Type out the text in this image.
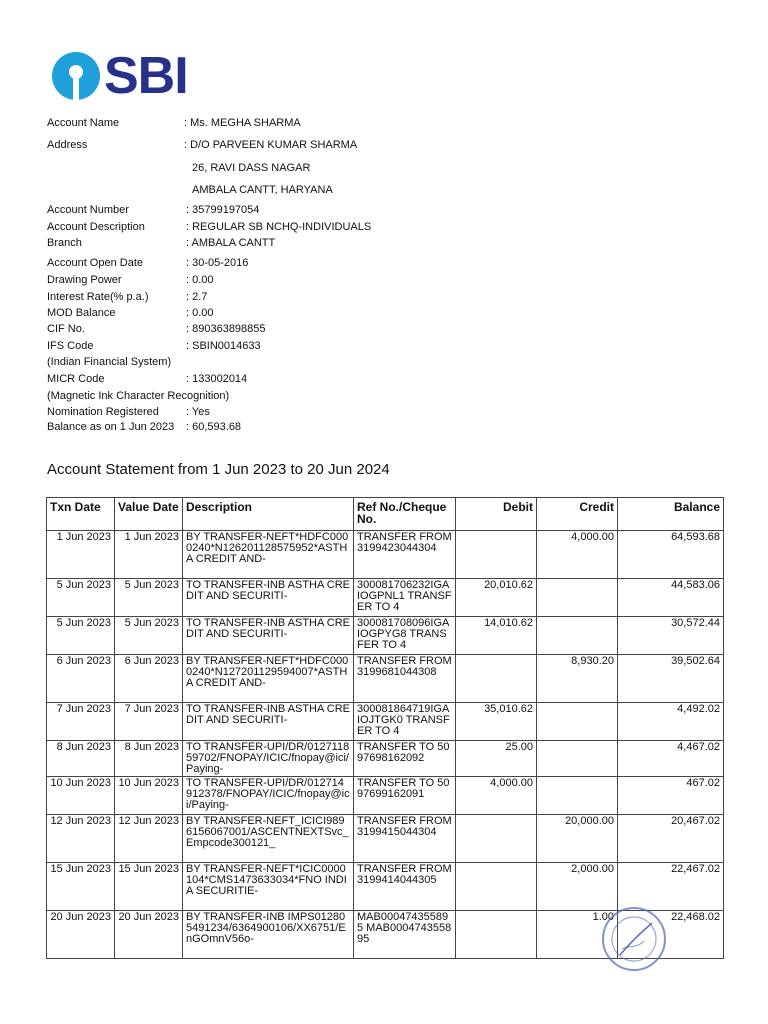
SBI
Account Name	: Ms. MEGHA SHARMA
Address	: D/O PARVEEN KUMAR SHARMA
26, RAVI DASS NAGAR
AMBALA CANTT, HARYANA
Account Number	: 35799197054
Account Description	: REGULAR SB NCHQ-INDIVIDUALS
Branch	: AMBALA CANTT
Account Open Date	: 30-05-2016
Drawing Power	: 0.00
Interest Rate(% p.a.)	: 2.7
MOD Balance	: 0.00
CIF No.	: 890363898855
IFS Code	: SBIN0014633
(Indian Financial System)
MICR Code	: 133002014
(Magnetic Ink Character Recognition)
Nomination Registered : Yes
Balance as on 1 Jun 2023 : 60,593.68
Account Statement from 1 Jun 2023 to 20 Jun 2024
Txn Date	Value Date	Description	Ref No./Cheque No.	Debit	Credit	Balance
1 Jun 2023	1 Jun 2023	BY TRANSFER-NEFT*HDFC0000240*N126201128575952*ASTHA CREDIT AND-	TRANSFER FROM 3199423044304		4,000.00	64,593.68
5 Jun 2023	5 Jun 2023	TO TRANSFER-INB ASTHA CREDIT AND SECURITI-	300081706232IGAIOGPNL1 TRANSFER TO 4	20,010.62		44,583.06
5 Jun 2023	5 Jun 2023	TO TRANSFER-INB ASTHA CREDIT AND SECURITI-	300081708096IGAIOGPYG8 TRANSFER TO 4	14,010.62		30,572.44
6 Jun 2023	6 Jun 2023	BY TRANSFER-NEFT*HDFC0000240*N127201129594007*ASTHA CREDIT AND-	TRANSFER FROM 3199681044308		8,930.20	39,502.64
7 Jun 2023	7 Jun 2023	TO TRANSFER-INB ASTHA CREDIT AND SECURITI-	300081864719IGAIOJTGK0 TRANSFER TO 4	35,010.62		4,492.02
8 Jun 2023	8 Jun 2023	TO TRANSFER-UPI/DR/012711859702/FNOPAY/ICIC/fnopay@ici/Paying-	TRANSFER TO 5097698162092	25.00		4,467.02
10 Jun 2023	10 Jun 2023	TO TRANSFER-UPI/DR/012714912378/FNOPAY/ICIC/fnopay@ici/Paying-	TRANSFER TO 5097699162091	4,000.00		467.02
12 Jun 2023	12 Jun 2023	BY TRANSFER-NEFT_ICICI9896156067001/ASCENTNEXTSvc_Empcode300121_	TRANSFER FROM 3199415044304		20,000.00	20,467.02
15 Jun 2023	15 Jun 2023	BY TRANSFER-NEFT*ICIC0000104*CMS1473633034*FNO INDIA SECURITIE-	TRANSFER FROM 3199414044305		2,000.00	22,467.02
20 Jun 2023	20 Jun 2023	BY TRANSFER-INB IMPS012805491234/6364900106/XX6751/EnGOmnV56o-	MAB000474355895 MAB000474355895		1.00	22,468.02
